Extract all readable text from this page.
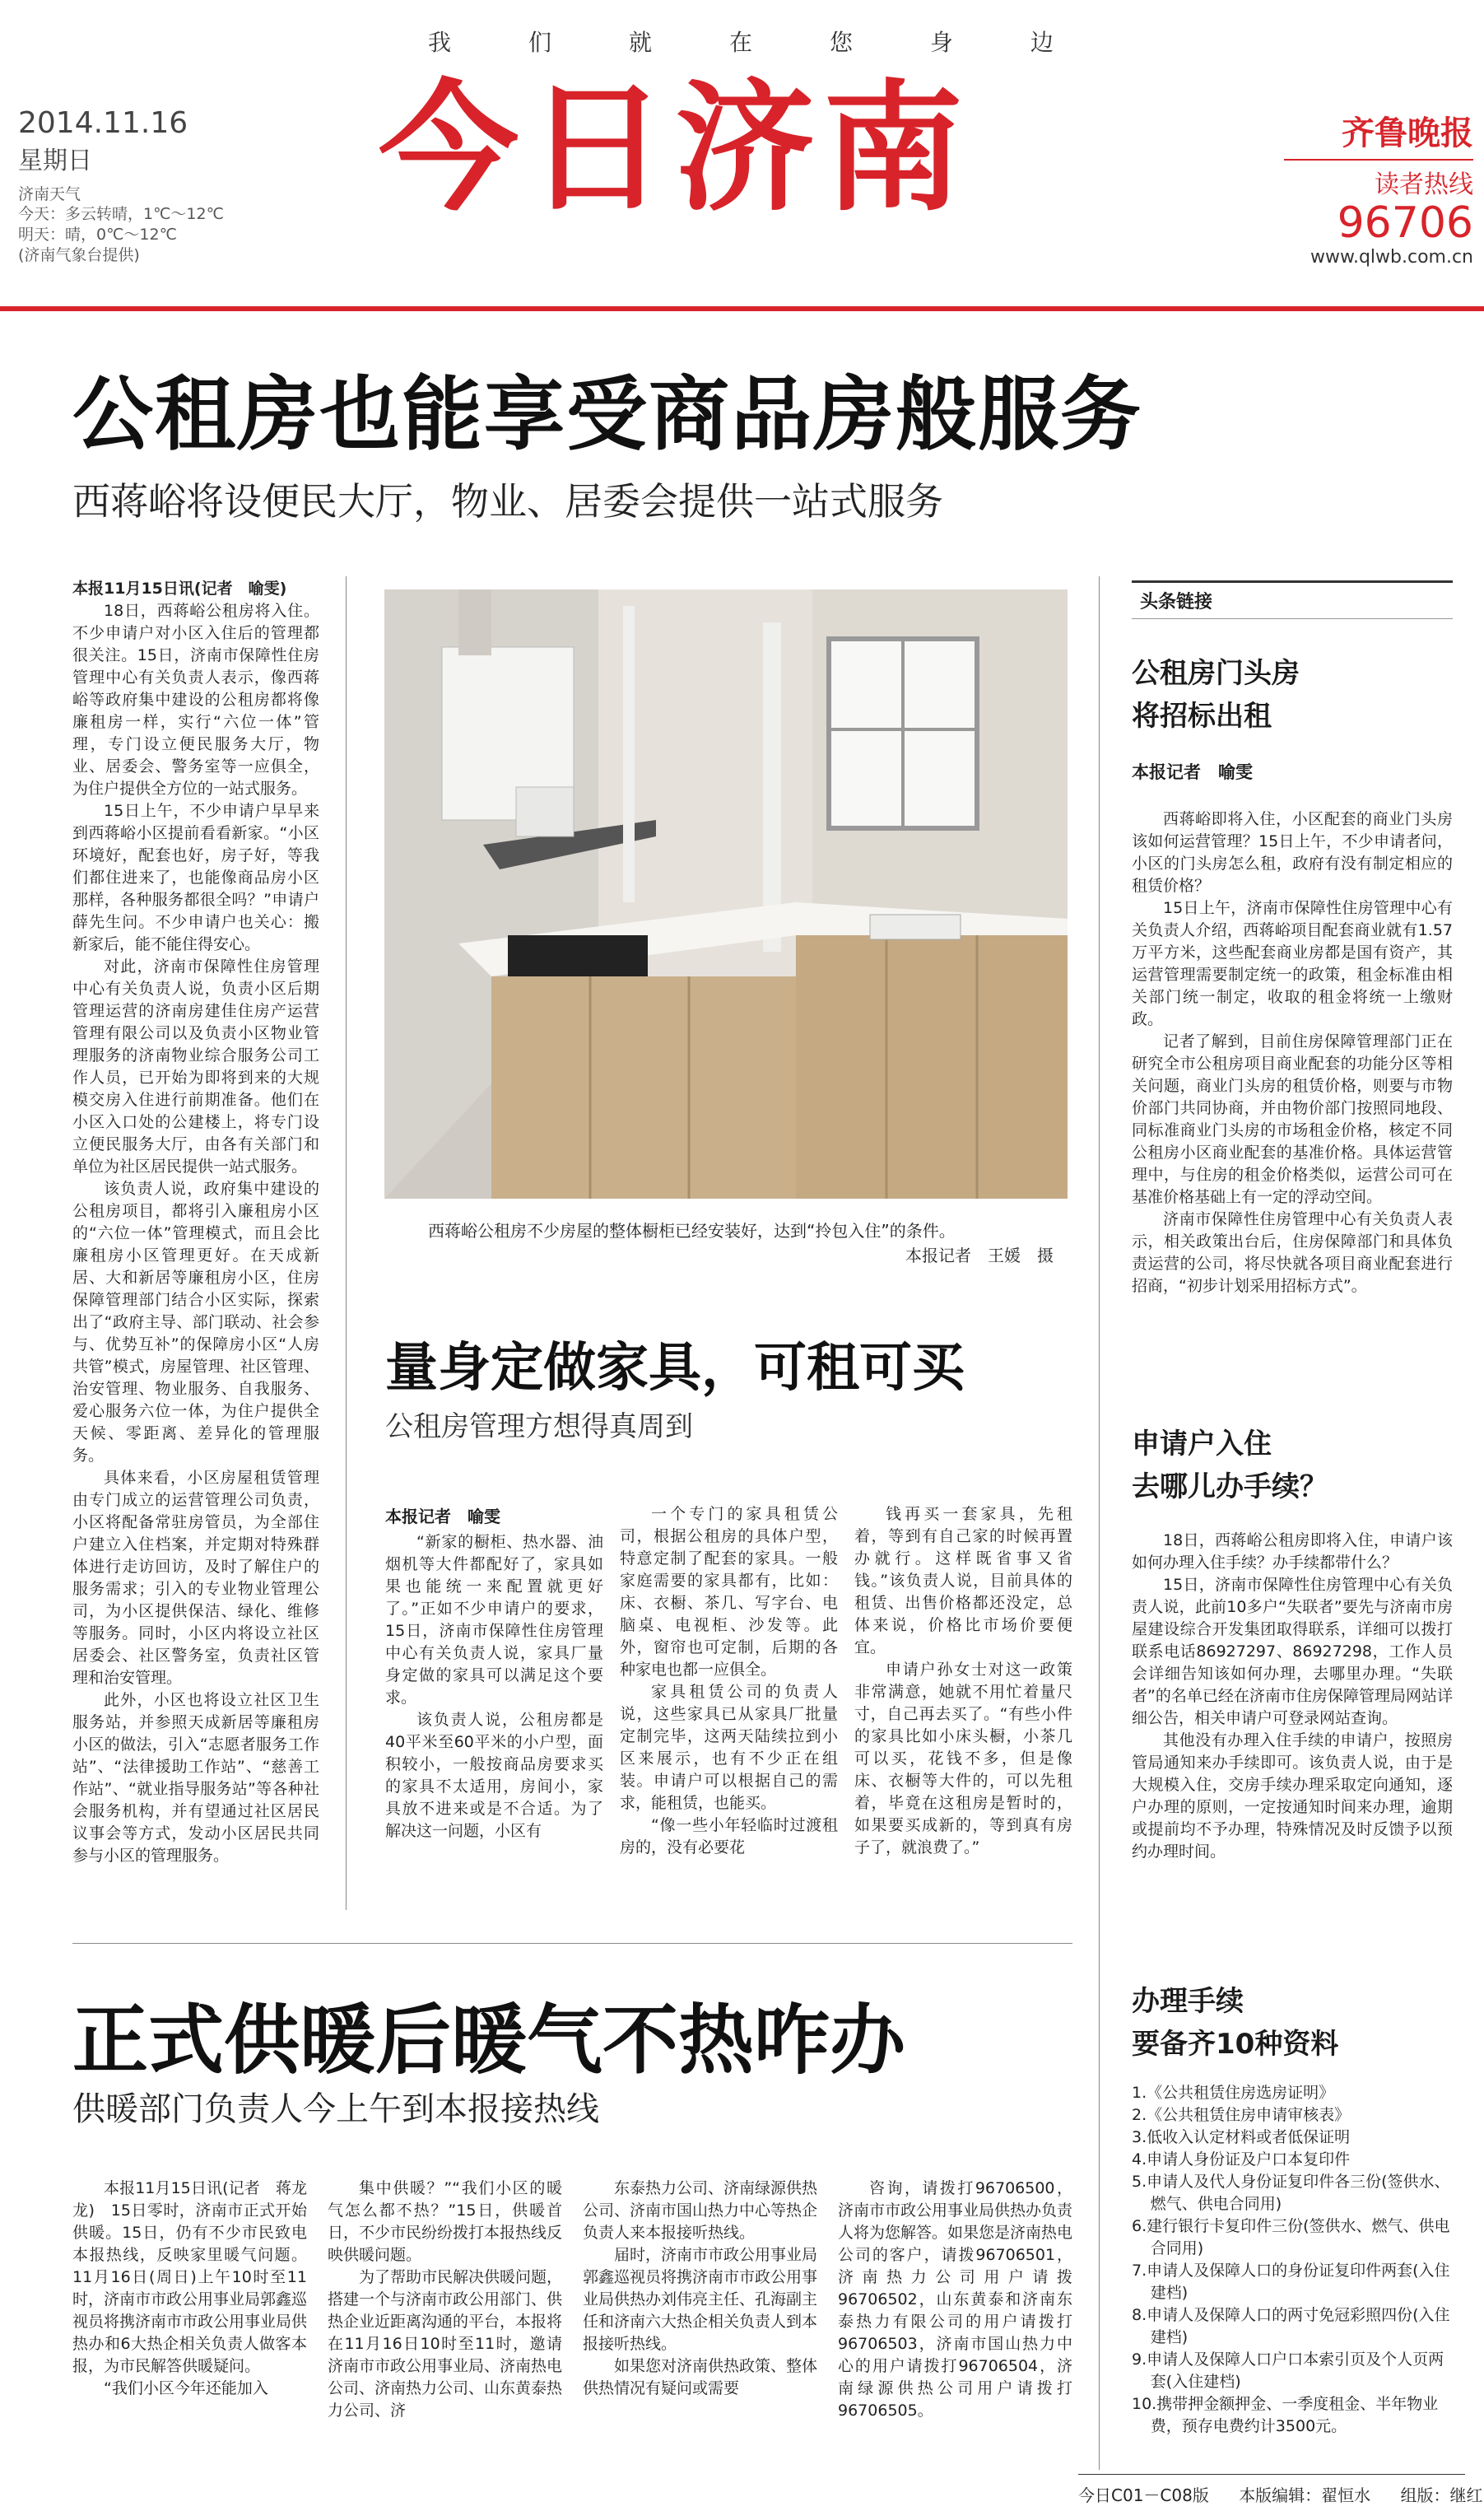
我	们	就	在	您	身	边
今日济南
2014.11.16
星期日
济南天气
今天：多云转晴，1℃～12℃
明天：晴，0℃～12℃
(济南气象台提供)
齐鲁晚报
读者热线
96706
www.qlwb.com.cn
公租房也能享受商品房般服务
西蒋峪将设便民大厅，物业、居委会提供一站式服务

本报11月15日讯(记者　喻雯)

18日，西蒋峪公租房将入住。不少申请户对小区入住后的管理都很关注。15日，济南市保障性住房管理中心有关负责人表示，像西蒋峪等政府集中建设的公租房都将像廉租房一样，实行“六位一体”管理，专门设立便民服务大厅，物业、居委会、警务室等一应俱全，为住户提供全方位的一站式服务。

15日上午，不少申请户早早来到西蒋峪小区提前看看新家。“小区环境好，配套也好，房子好，等我们都住进来了，也能像商品房小区那样，各种服务都很全吗？”申请户薛先生问。不少申请户也关心：搬新家后，能不能住得安心。

对此，济南市保障性住房管理中心有关负责人说，负责小区后期管理运营的济南房建佳住房产运营管理有限公司以及负责小区物业管理服务的济南物业综合服务公司工作人员，已开始为即将到来的大规模交房入住进行前期准备。他们在小区入口处的公建楼上，将专门设立便民服务大厅，由各有关部门和单位为社区居民提供一站式服务。

该负责人说，政府集中建设的公租房项目，都将引入廉租房小区的“六位一体”管理模式，而且会比廉租房小区管理更好。在天成新居、大和新居等廉租房小区，住房保障管理部门结合小区实际，探索出了“政府主导、部门联动、社会参与、优势互补”的保障房小区“人房共管”模式，房屋管理、社区管理、治安管理、物业服务、自我服务、爱心服务六位一体，为住户提供全天候、零距离、差异化的管理服务。

具体来看，小区房屋租赁管理由专门成立的运营管理公司负责，小区将配备常驻房管员，为全部住户建立入住档案，并定期对特殊群体进行走访回访，及时了解住户的服务需求；引入的专业物业管理公司，为小区提供保洁、绿化、维修等服务。同时，小区内将设立社区居委会、社区警务室，负责社区管理和治安管理。

此外，小区也将设立社区卫生服务站，并参照天成新居等廉租房小区的做法，引入“志愿者服务工作站”、“法律援助工作站”、“慈善工作站”、“就业指导服务站”等各种社会服务机构，并有望通过社区居民议事会等方式，发动小区居民共同参与小区的管理服务。

西蒋峪公租房不少房屋的整体橱柜已经安装好，达到“拎包入住”的条件。
本报记者　王媛　摄
量身定做家具，可租可买
公租房管理方想得真周到
本报记者　喻雯

“新家的橱柜、热水器、油烟机等大件都配好了，家具如果也能统一来配置就更好了。”正如不少申请户的要求，15日，济南市保障性住房管理中心有关负责人说，家具厂量身定做的家具可以满足这个要求。

该负责人说，公租房都是40平米至60平米的小户型，面积较小，一般按商品房要求买的家具不太适用，房间小，家具放不进来或是不合适。为了解决这一问题，小区有

一个专门的家具租赁公司，根据公租房的具体户型，特意定制了配套的家具。一般家庭需要的家具都有，比如：床、衣橱、茶几、写字台、电脑桌、电视柜、沙发等。此外，窗帘也可定制，后期的各种家电也都一应俱全。

家具租赁公司的负责人说，这些家具已从家具厂批量定制完毕，这两天陆续拉到小区来展示，也有不少正在组装。申请户可以根据自己的需求，能租赁，也能买。

“像一些小年轻临时过渡租房的，没有必要花

钱再买一套家具，先租着，等到有自己家的时候再置办就行。这样既省事又省钱。”该负责人说，目前具体的租赁、出售价格都还没定，总体来说，价格比市场价要便宜。

申请户孙女士对这一政策非常满意，她就不用忙着量尺寸，自己再去买了。“有些小件的家具比如小床头橱，小茶几可以买，花钱不多，但是像床、衣橱等大件的，可以先租着，毕竟在这租房是暂时的，如果要买成新的，等到真有房子了，就浪费了。”

头条链接
公租房门头房
将招标出租
本报记者　喻雯

西蒋峪即将入住，小区配套的商业门头房该如何运营管理？15日上午，不少申请者问，小区的门头房怎么租，政府有没有制定相应的租赁价格？

15日上午，济南市保障性住房管理中心有关负责人介绍，西蒋峪项目配套商业就有1.57万平方米，这些配套商业房都是国有资产，其运营管理需要制定统一的政策，租金标准由相关部门统一制定，收取的租金将统一上缴财政。

记者了解到，目前住房保障管理部门正在研究全市公租房项目商业配套的功能分区等相关问题，商业门头房的租赁价格，则要与市物价部门共同协商，并由物价部门按照同地段、同标准商业门头房的市场租金价格，核定不同公租房小区商业配套的基准价格。具体运营管理中，与住房的租金价格类似，运营公司可在基准价格基础上有一定的浮动空间。

济南市保障性住房管理中心有关负责人表示，相关政策出台后，住房保障部门和具体负责运营的公司，将尽快就各项目商业配套进行招商，“初步计划采用招标方式”。

申请户入住
去哪儿办手续？

18日，西蒋峪公租房即将入住，申请户该如何办理入住手续？办手续都带什么？

15日，济南市保障性住房管理中心有关负责人说，此前10多户“失联者”要先与济南市房屋建设综合开发集团取得联系，详细可以拨打联系电话86927297、86927298，工作人员会详细告知该如何办理，去哪里办理。“失联者”的名单已经在济南市住房保障管理局网站详细公告，相关申请户可登录网站查询。

其他没有办理入住手续的申请户，按照房管局通知来办手续即可。该负责人说，由于是大规模入住，交房手续办理采取定向通知，逐户办理的原则，一定按通知时间来办理，逾期或提前均不予办理，特殊情况及时反馈予以预约办理时间。

办理手续
要备齐10种资料
1.《公共租赁住房选房证明》
2.《公共租赁住房申请审核表》
3.低收入认定材料或者低保证明
4.申请人身份证及户口本复印件
5.申请人及代人身份证复印件各三份(签供水、燃气、供电合同用)
6.建行银行卡复印件三份(签供水、燃气、供电合同用)
7.申请人及保障人口的身份证复印件两套(入住建档)
8.申请人及保障人口的两寸免冠彩照四份(入住建档)
9.申请人及保障人口户口本索引页及个人页两套(入住建档)
10.携带押金额押金、一季度租金、半年物业费，预存电费约计3500元。
正式供暖后暖气不热咋办
供暖部门负责人今上午到本报接热线

本报11月15日讯(记者　蒋龙龙)　15日零时，济南市正式开始供暖。15日，仍有不少市民致电本报热线，反映家里暖气问题。11月16日(周日)上午10时至11时，济南市市政公用事业局郭鑫巡视员将携济南市市政公用事业局供热办和6大热企相关负责人做客本报，为市民解答供暖疑问。

“我们小区今年还能加入

集中供暖？”“我们小区的暖气怎么都不热？”15日，供暖首日，不少市民纷纷拨打本报热线反映供暖问题。

为了帮助市民解决供暖问题，搭建一个与济南市政公用部门、供热企业近距离沟通的平台，本报将在11月16日10时至11时，邀请济南市市政公用事业局、济南热电公司、济南热力公司、山东黄泰热力公司、济

东泰热力公司、济南绿源供热公司、济南市国山热力中心等热企负责人来本报接听热线。

届时，济南市市政公用事业局郭鑫巡视员将携济南市市政公用事业局供热办刘伟亮主任、孔海副主任和济南六大热企相关负责人到本报接听热线。

如果您对济南供热政策、整体供热情况有疑问或需要

咨询，请拨打96706500，济南市市政公用事业局供热办负责人将为您解答。如果您是济南热电公司的客户，请拨96706501，济南热力公司用户请拨96706502，山东黄泰和济南东泰热力有限公司的用户请拨打96706503，济南市国山热力中心的用户请拨打96706504，济南绿源供热公司用户请拨打96706505。

今日C01－C08版 本版编辑：翟恒水 组版：继红
